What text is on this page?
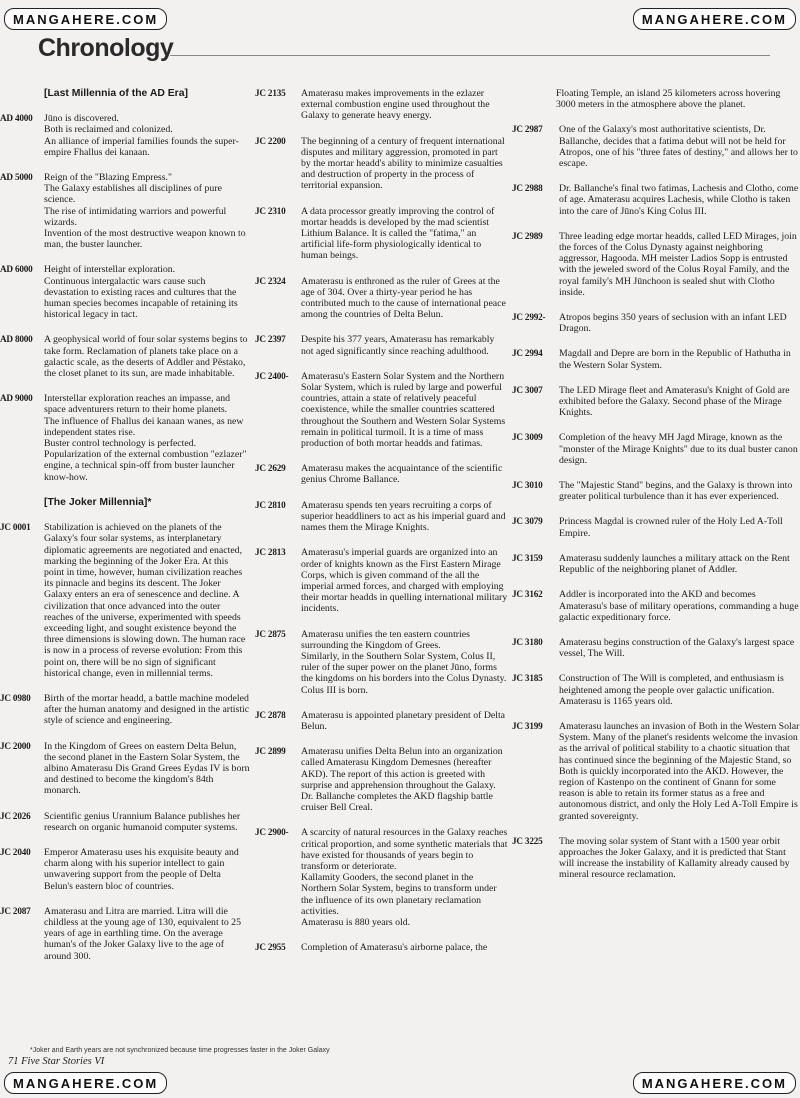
MANGAHERE.COM	MANGAHERE.COM
MANGAHERE.COM	MANGAHERE.COM
Chronology
[Last Millennia of the AD Era]
AD 4000	Jūno is discovered.
Both is reclaimed and colonized.
An alliance of imperial families founds the super-empire Fhallus dei kanaan.
AD 5000	Reign of the "Blazing Empress."
The Galaxy establishes all disciplines of pure science.
The rise of intimidating warriors and powerful wizards.
Invention of the most destructive weapon known to man, the buster launcher.
AD 6000	Height of interstellar exploration.
Continuous intergalactic wars cause such devastation to existing races and cultures that the human species becomes incapable of retaining its historical legacy in tact.
AD 8000	A geophysical world of four solar systems begins to take form. Reclamation of planets take place on a galactic scale, as the deserts of Addler and Pëstako, the closet planet to its sun, are made inhabitable.
AD 9000	Interstellar exploration reaches an impasse, and space adventurers return to their home planets.
The influence of Fhallus dei kanaan wanes, as new independent states rise.
Buster control technology is perfected.
Popularization of the external combustion "ezlazer" engine, a technical spin-off from buster launcher know-how.
[The Joker Millennia]*
JC 0001	Stabilization is achieved on the planets of the Galaxy's four solar systems, as interplanetary diplomatic agreements are negotiated and enacted, marking the beginning of the Joker Era. At this point in time, however, human civilization reaches its pinnacle and begins its descent. The Joker Galaxy enters an era of senescence and decline. A civilization that once advanced into the outer reaches of the universe, experimented with speeds exceeding light, and sought existence beyond the three dimensions is slowing down. The human race is now in a process of reverse evolution: From this point on, there will be no sign of significant historical change, even in millennial terms.
JC 0980	Birth of the mortar headd, a battle machine modeled after the human anatomy and designed in the artistic style of science and engineering.
JC 2000	In the Kingdom of Grees on eastern Delta Belun, the second planet in the Eastern Solar System, the albino Amaterasu Dis Grand Grees Eydas IV is born and destined to become the kingdom's 84th monarch.
JC 2026	Scientific genius Urannium Balance publishes her research on organic humanoid computer systems.
JC 2040	Emperor Amaterasu uses his exquisite beauty and charm along with his superior intellect to gain unwavering support from the people of Delta Belun's eastern bloc of countries.
JC 2087	Amaterasu and Litra are married. Litra will die childless at the young age of 130, equivalent to 25 years of age in earthling time. On the average human's of the Joker Galaxy live to the age of around 300.
JC 2135	Amaterasu makes improvements in the ezlazer external combustion engine used throughout the Galaxy to generate heavy energy.
JC 2200	The beginning of a century of frequent international disputes and military aggression, promoted in part by the mortar headd's ability to minimize casualties and destruction of property in the process of territorial expansion.
JC 2310	A data processor greatly improving the control of mortar headds is developed by the mad scientist Lithium Balance. It is called the "fatima," an artificial life-form physiologically identical to human beings.
JC 2324	Amaterasu is enthroned as the ruler of Grees at the age of 304. Over a thirty-year period he has contributed much to the cause of international peace among the countries of Delta Belun.
JC 2397	Despite his 377 years, Amaterasu has remarkably not aged significantly since reaching adulthood.
JC 2400-	Amaterasu's Eastern Solar System and the Northern Solar System, which is ruled by large and powerful countries, attain a state of relatively peaceful coexistence, while the smaller countries scattered throughout the Southern and Western Solar Systems remain in political turmoil. It is a time of mass production of both mortar headds and fatimas.
JC 2629	Amaterasu makes the acquaintance of the scientific genius Chrome Ballance.
JC 2810	Amaterasu spends ten years recruiting a corps of superior headdliners to act as his imperial guard and names them the Mirage Knights.
JC 2813	Amaterasu's imperial guards are organized into an order of knights known as the First Eastern Mirage Corps, which is given command of the all the imperial armed forces, and charged with employing their mortar headds in quelling international military incidents.
JC 2875	Amaterasu unifies the ten eastern countries surrounding the Kingdom of Grees.
Similarly, in the Southern Solar System, Colus II, ruler of the super power on the planet Jūno, forms the kingdoms on his borders into the Colus Dynasty.
Colus III is born.
JC 2878	Amaterasu is appointed planetary president of Delta Belun.
JC 2899	Amaterasu unifies Delta Belun into an organization called Amaterasu Kingdom Demesnes (hereafter AKD). The report of this action is greeted with surprise and apprehension throughout the Galaxy.
Dr. Ballanche completes the AKD flagship battle cruiser Bell Creal.
JC 2900-	A scarcity of natural resources in the Galaxy reaches critical proportion, and some synthetic materials that have existed for thousands of years begin to transform or deteriorate.
Kallamity Gooders, the second planet in the Northern Solar System, begins to transform under the influence of its own planetary reclamation activities.
Amaterasu is 880 years old.
JC 2955	Completion of Amaterasu's airborne palace, the
Floating Temple, an island 25 kilometers across hovering 3000 meters in the atmosphere above the planet.
JC 2987	One of the Galaxy's most authoritative scientists, Dr. Ballanche, decides that a fatima debut will not be held for Atropos, one of his "three fates of destiny," and allows her to escape.
JC 2988	Dr. Ballanche's final two fatimas, Lachesis and Clotho, come of age. Amaterasu acquires Lachesis, while Clotho is taken into the care of Jūno's King Colus III.
JC 2989	Three leading edge mortar headds, called LED Mirages, join the forces of the Colus Dynasty against neighboring aggressor, Hagooda. MH meister Ladios Sopp is entrusted with the jeweled sword of the Colus Royal Family, and the royal family's MH Jūnchoon is sealed shut with Clotho inside.
JC 2992-	Atropos begins 350 years of seclusion with an infant LED Dragon.
JC 2994	Magdall and Depre are born in the Republic of Hathutha in the Western Solar System.
JC 3007	The LED Mirage fleet and Amaterasu's Knight of Gold are exhibited before the Galaxy. Second phase of the Mirage Knights.
JC 3009	Completion of the heavy MH Jagd Mirage, known as the "monster of the Mirage Knights" due to its dual buster canon design.
JC 3010	The "Majestic Stand" begins, and the Galaxy is thrown into greater political turbulence than it has ever experienced.
JC 3079	Princess Magdal is crowned ruler of the Holy Led A-Toll Empire.
JC 3159	Amaterasu suddenly launches a military attack on the Rent Republic of the neighboring planet of Addler.
JC 3162	Addler is incorporated into the AKD and becomes Amaterasu's base of military operations, commanding a huge galactic expeditionary force.
JC 3180	Amaterasu begins construction of the Galaxy's largest space vessel, The Will.
JC 3185	Construction of The Will is completed, and enthusiasm is heightened among the people over galactic unification.
Amaterasu is 1165 years old.
JC 3199	Amaterasu launches an invasion of Both in the Western Solar System. Many of the planet's residents welcome the invasion as the arrival of political stability to a chaotic situation that has continued since the beginning of the Majestic Stand, so Both is quickly incorporated into the AKD. However, the region of Kastenpo on the continent of Gnann for some reason is able to retain its former status as a free and autonomous district, and only the Holy Led A-Toll Empire is granted sovereignty.
JC 3225	The moving solar system of Stant with a 1500 year orbit approaches the Joker Galaxy, and it is predicted that Stant will increase the instability of Kallamity already caused by mineral resource reclamation.
*Joker and Earth years are not synchronized because time progresses faster in the Joker Galaxy
71 Five Star Stories VI
